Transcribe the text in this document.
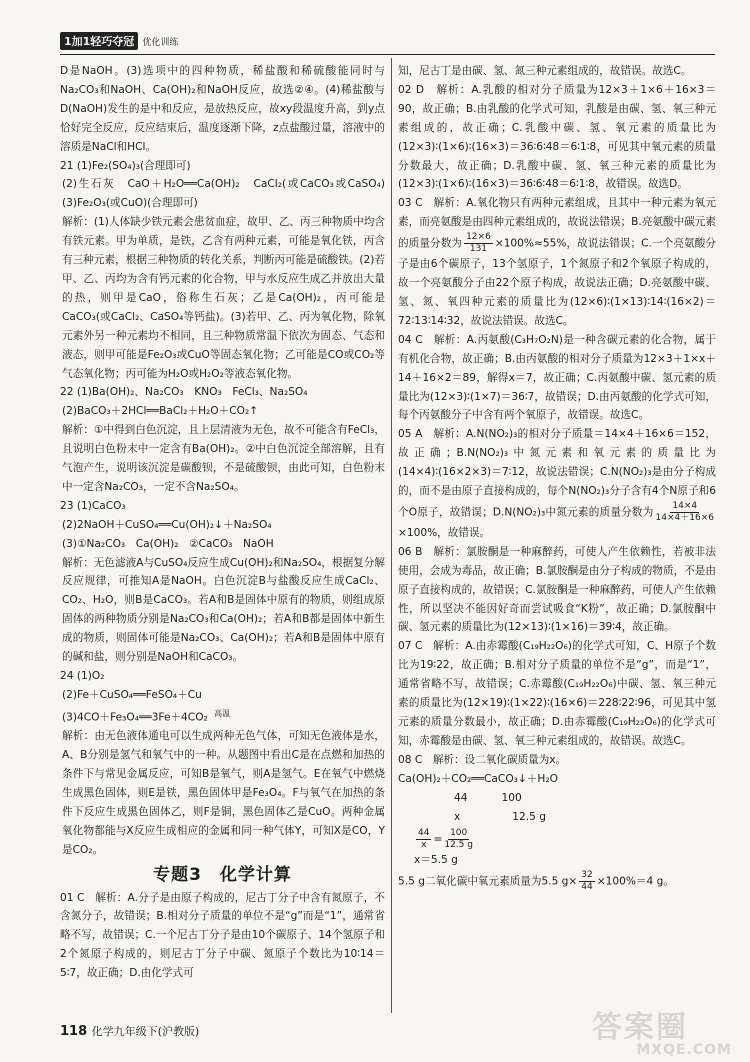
1加1轻巧夺冠 优化训练

D是NaOH。(3)选项中的四种物质，稀盐酸和稀硫酸能同时与Na₂CO₃和NaOH、Ca(OH)₂和NaOH反应，故选②④。(4)稀盐酸与D(NaOH)发生的是中和反应，是放热反应，故xy段温度升高，到y点恰好完全反应，反应结束后，温度逐渐下降，z点盐酸过量，溶液中的溶质是NaCl和HCl。

21 (1)Fe₂(SO₄)₃(合理即可)

(2)生石灰　CaO＋H₂O══Ca(OH)₂　CaCl₂(或CaCO₃或CaSO₄)　(3)Fe₂O₃(或CuO)(合理即可)

解析：(1)人体缺少铁元素会患贫血症，故甲、乙、丙三种物质中均含有铁元素。甲为单质，是铁，乙含有两种元素，可能是氧化铁，丙含有三种元素，根据三种物质的转化关系，判断丙可能是硫酸铁。(2)若甲、乙、丙均为含有钙元素的化合物，甲与水反应生成乙并放出大量的热，则甲是CaO，俗称生石灰；乙是Ca(OH)₂，丙可能是CaCO₃(或CaCl₂、CaSO₄等钙盐)。(3)若甲、乙、丙为氧化物，除氧元素外另一种元素均不相同，且三种物质常温下依次为固态、气态和液态，则甲可能是Fe₂O₃或CuO等固态氧化物；乙可能是CO或CO₂等气态氧化物；丙可能为H₂O或H₂O₂等液态氧化物。

22 (1)Ba(OH)₂、Na₂CO₃　KNO₃　FeCl₃、Na₂SO₄

(2)BaCO₃＋2HCl══BaCl₂＋H₂O＋CO₂↑

解析：①中得到白色沉淀，且上层清液为无色，故不可能含有FeCl₃，且说明白色粉末中一定含有Ba(OH)₂。②中白色沉淀全部溶解，且有气泡产生，说明该沉淀是碳酸钡，不是硫酸钡，由此可知，白色粉末中一定含Na₂CO₃，一定不含Na₂SO₄。

23 (1)CaCO₃

(2)2NaOH＋CuSO₄══Cu(OH)₂↓＋Na₂SO₄

(3)①Na₂CO₃　Ca(OH)₂　②CaCO₃　NaOH

解析：无色滤液A与CuSO₄反应生成Cu(OH)₂和Na₂SO₄，根据复分解反应规律，可推知A是NaOH。白色沉淀B与盐酸反应生成CaCl₂、CO₂、H₂O，则B是CaCO₃。若A和B是固体中原有的物质，则组成原固体的两种物质分别是Na₂CO₃和Ca(OH)₂；若A和B都是固体中新生成的物质，则固体可能是Na₂CO₃、Ca(OH)₂；若A和B是固体中原有的碱和盐，则分别是NaOH和CaCO₃。

24 (1)O₂

(2)Fe＋CuSO₄══FeSO₄＋Cu

(3)4CO＋Fe₃O₄══3Fe＋4CO₂ $^{高温}$

解析：由无色液体通电可以生成两种无色气体，可知无色液体是水，A、B分别是氢气和氧气中的一种。从题图中看出C是在点燃和加热的条件下与常见金属反应，可知B是氧气，则A是氢气。E在氧气中燃烧生成黑色固体，则E是铁，黑色固体甲是Fe₃O₄。F与氧气在加热的条件下反应生成黑色固体乙，则F是铜，黑色固体乙是CuO。两种金属氧化物都能与X反应生成相应的金属和同一种气体Y，可知X是CO，Y是CO₂。

专题3　化学计算

01 C　解析：A.分子是由原子构成的，尼古丁分子中含有氮原子，不含氮分子，故错误；B.相对分子质量的单位不是“g”而是“1”，通常省略不写，故错误；C.一个尼古丁分子是由10个碳原子、14个氢原子和2个氮原子构成的，则尼古丁分子中碳、氮原子个数比为10∶14＝5∶7，故正确；D.由化学式可

知，尼古丁是由碳、氢、氮三种元素组成的，故错误。故选C。

02 D　解析：A.乳酸的相对分子质量为12×3＋1×6＋16×3＝90，故正确；B.由乳酸的化学式可知，乳酸是由碳、氢、氧三种元素组成的，故正确；C.乳酸中碳、氢、氧元素的质量比为(12×3)∶(1×6)∶(16×3)＝36∶6∶48＝6∶1∶8，可见其中氧元素的质量分数最大，故正确；D.乳酸中碳、氢、氧三种元素的质量比为(12×3)∶(1×6)∶(16×3)＝36∶6∶48＝6∶1∶8，故错误。故选D。

03 C　解析：A.氧化物只有两种元素组成，且其中一种元素为氧元素，而亮氨酸是由四种元素组成的，故说法错误；B.亮氨酸中碳元素的质量分数为 $\frac{12\times 6}{131} \times 100\%\approx 55\%$，故说法错误；C.一个亮氨酸分子是由6个碳原子，13个氢原子，1个氮原子和2个氧原子构成的，故一个亮氨酸分子由22个原子构成，故说法正确；D.亮氨酸中碳、氢、氮、氧四种元素的质量比为(12×6)∶(1×13)∶14∶(16×2)＝72∶13∶14∶32，故说法错误。故选C。

04 C　解析：A.丙氨酸(C₃H₇O₂N)是一种含碳元素的化合物，属于有机化合物，故正确；B.由丙氨酸的相对分子质量为12×3＋1×x＋14＋16×2＝89，解得x＝7，故正确；C.丙氨酸中碳、氢元素的质量比为(12×3)∶(1×7)＝36∶7，故错误；D.由丙氨酸的化学式可知，每个丙氨酸分子中含有两个氧原子，故错误。故选C。

05 A　解析：A.N(NO₂)₃的相对分子质量＝14×4＋16×6＝152，故正确；B.N(NO₂)₃中氮元素和氧元素的质量比为(14×4)∶(16×2×3)＝7∶12，故说法错误；C.N(NO₂)₃是由分子构成的，而不是由原子直接构成的，每个N(NO₂)₃分子含有4个N原子和6个O原子，故错误；D.N(NO₂)₃中氮元素的质量分数为 $\frac{14\times 4}{14\times 4+16\times 6}$
×100%，故错误。

06 B　解析：氯胺酮是一种麻醉药，可使人产生依赖性，若被非法使用，会成为毒品，故正确；B.氯胺酮是由分子构成的物质，不是由原子直接构成的，故错误；C.氯胺酮是一种麻醉药，可使人产生依赖性，所以坚决不能因好奇而尝试吸食“K粉”，故正确；D.氯胺酮中碳、氢元素的质量比为(12×13)∶(1×16)＝39∶4，故正确。

07 C　解析：A.由赤霉酸(C₁₉H₂₂O₆)的化学式可知，C、H原子个数比为19∶22，故正确；B.相对分子质量的单位不是“g”，而是“1”，通常省略不写，故错误；C.赤霉酸(C₁₉H₂₂O₆)中碳、氢、氧三种元素的质量比为(12×19)∶(1×22)∶(16×6)＝228∶22∶96，可见其中氢元素的质量分数最小，故正确；D.由赤霉酸(C₁₉H₂₂O₆)的化学式可知，赤霉酸是由碳、氢、氧三种元素组成的，故错误。故选C。

08 C　解析：设二氧化碳质量为x。

Ca(OH)₂＋CO₂══CaCO₃↓＋H₂O

44	100
x	12.5 g
$\frac{44}{x} = \frac{100}{12.5 g}$

x＝5.5 g

5.5 g二氧化碳中氧元素质量为5.5 $g\times \frac{32}{44} \times 100\%=4$ g。

118 化学九年级下(沪教版)	答案圈
MXQE.COM
